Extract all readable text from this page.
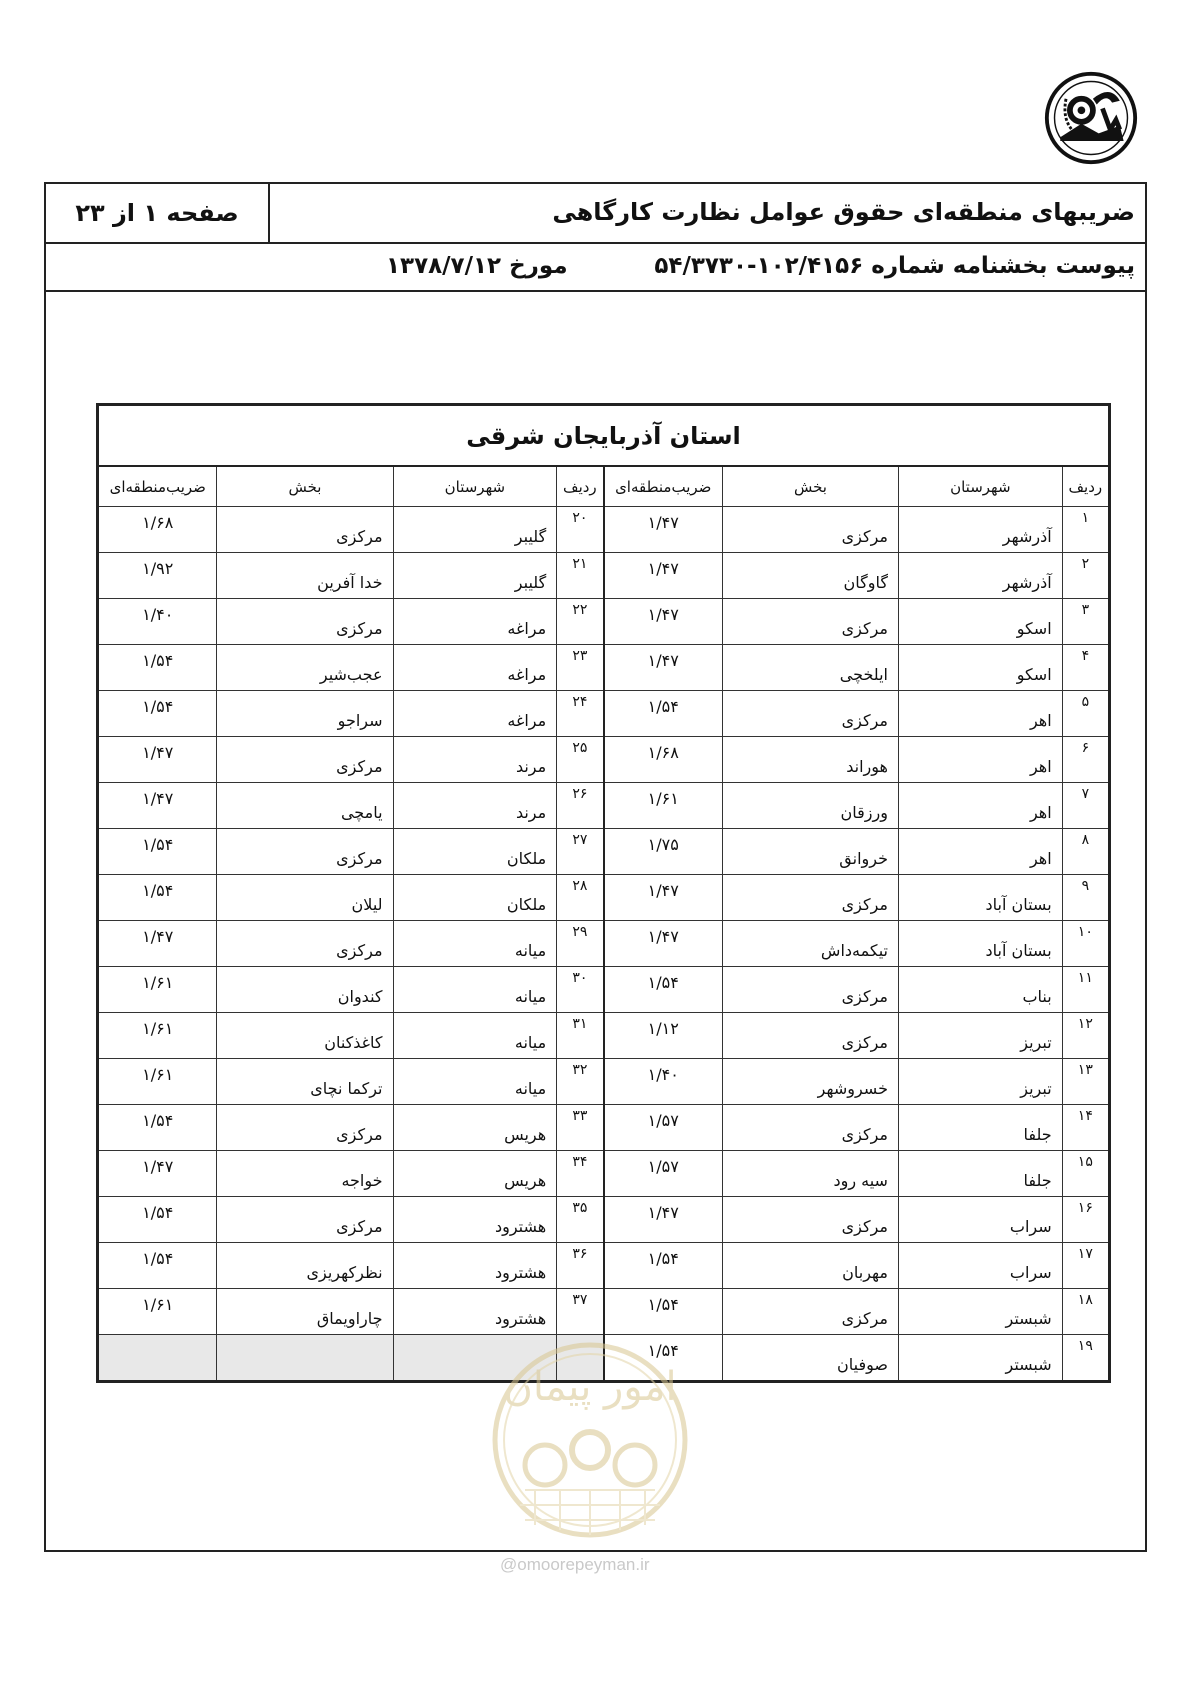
صفحه ۱ از ۲۳	ضریبهای منطقه‌ای حقوق عوامل نظارت کارگاهی
پیوست بخشنامه شماره ۱۰۲/۴۱۵۶-۵۴/۳۷۳۰
مورخ ۱۳۷۸/۷/۱۲
استان آذربایجان شرقی							
ردیف	شهرستان	بخش	ضریب‌منطقه‌ای	ردیف	شهرستان	بخش	ضریب‌منطقه‌ای
۱	آذرشهر	مرکزی	۱/۴۷	۲۰	گلیبر	مرکزی	۱/۶۸
۲	آذرشهر	گاوگان	۱/۴۷	۲۱	گلیبر	خدا آفرین	۱/۹۲
۳	اسکو	مرکزی	۱/۴۷	۲۲	مراغه	مرکزی	۱/۴۰
۴	اسکو	ایلخچی	۱/۴۷	۲۳	مراغه	عجب‌شیر	۱/۵۴
۵	اهر	مرکزی	۱/۵۴	۲۴	مراغه	سراجو	۱/۵۴
۶	اهر	هوراند	۱/۶۸	۲۵	مرند	مرکزی	۱/۴۷
۷	اهر	ورزقان	۱/۶۱	۲۶	مرند	یامچی	۱/۴۷
۸	اهر	خروانق	۱/۷۵	۲۷	ملکان	مرکزی	۱/۵۴
۹	بستان آباد	مرکزی	۱/۴۷	۲۸	ملکان	لیلان	۱/۵۴
۱۰	بستان آباد	تیکمه‌داش	۱/۴۷	۲۹	میانه	مرکزی	۱/۴۷
۱۱	بناب	مرکزی	۱/۵۴	۳۰	میانه	کندوان	۱/۶۱
۱۲	تبریز	مرکزی	۱/۱۲	۳۱	میانه	کاغذکنان	۱/۶۱
۱۳	تبریز	خسروشهر	۱/۴۰	۳۲	میانه	ترکما نچای	۱/۶۱
۱۴	جلفا	مرکزی	۱/۵۷	۳۳	هریس	مرکزی	۱/۵۴
۱۵	جلفا	سیه رود	۱/۵۷	۳۴	هریس	خواجه	۱/۴۷
۱۶	سراب	مرکزی	۱/۴۷	۳۵	هشترود	مرکزی	۱/۵۴
۱۷	سراب	مهربان	۱/۵۴	۳۶	هشترود	نظرکهریزی	۱/۵۴
۱۸	شبستر	مرکزی	۱/۵۴	۳۷	هشترود	چاراویماق	۱/۶۱
۱۹	شبستر	صوفیان	۱/۵۴				
امور پیمان
@omoorepeyman.ir
